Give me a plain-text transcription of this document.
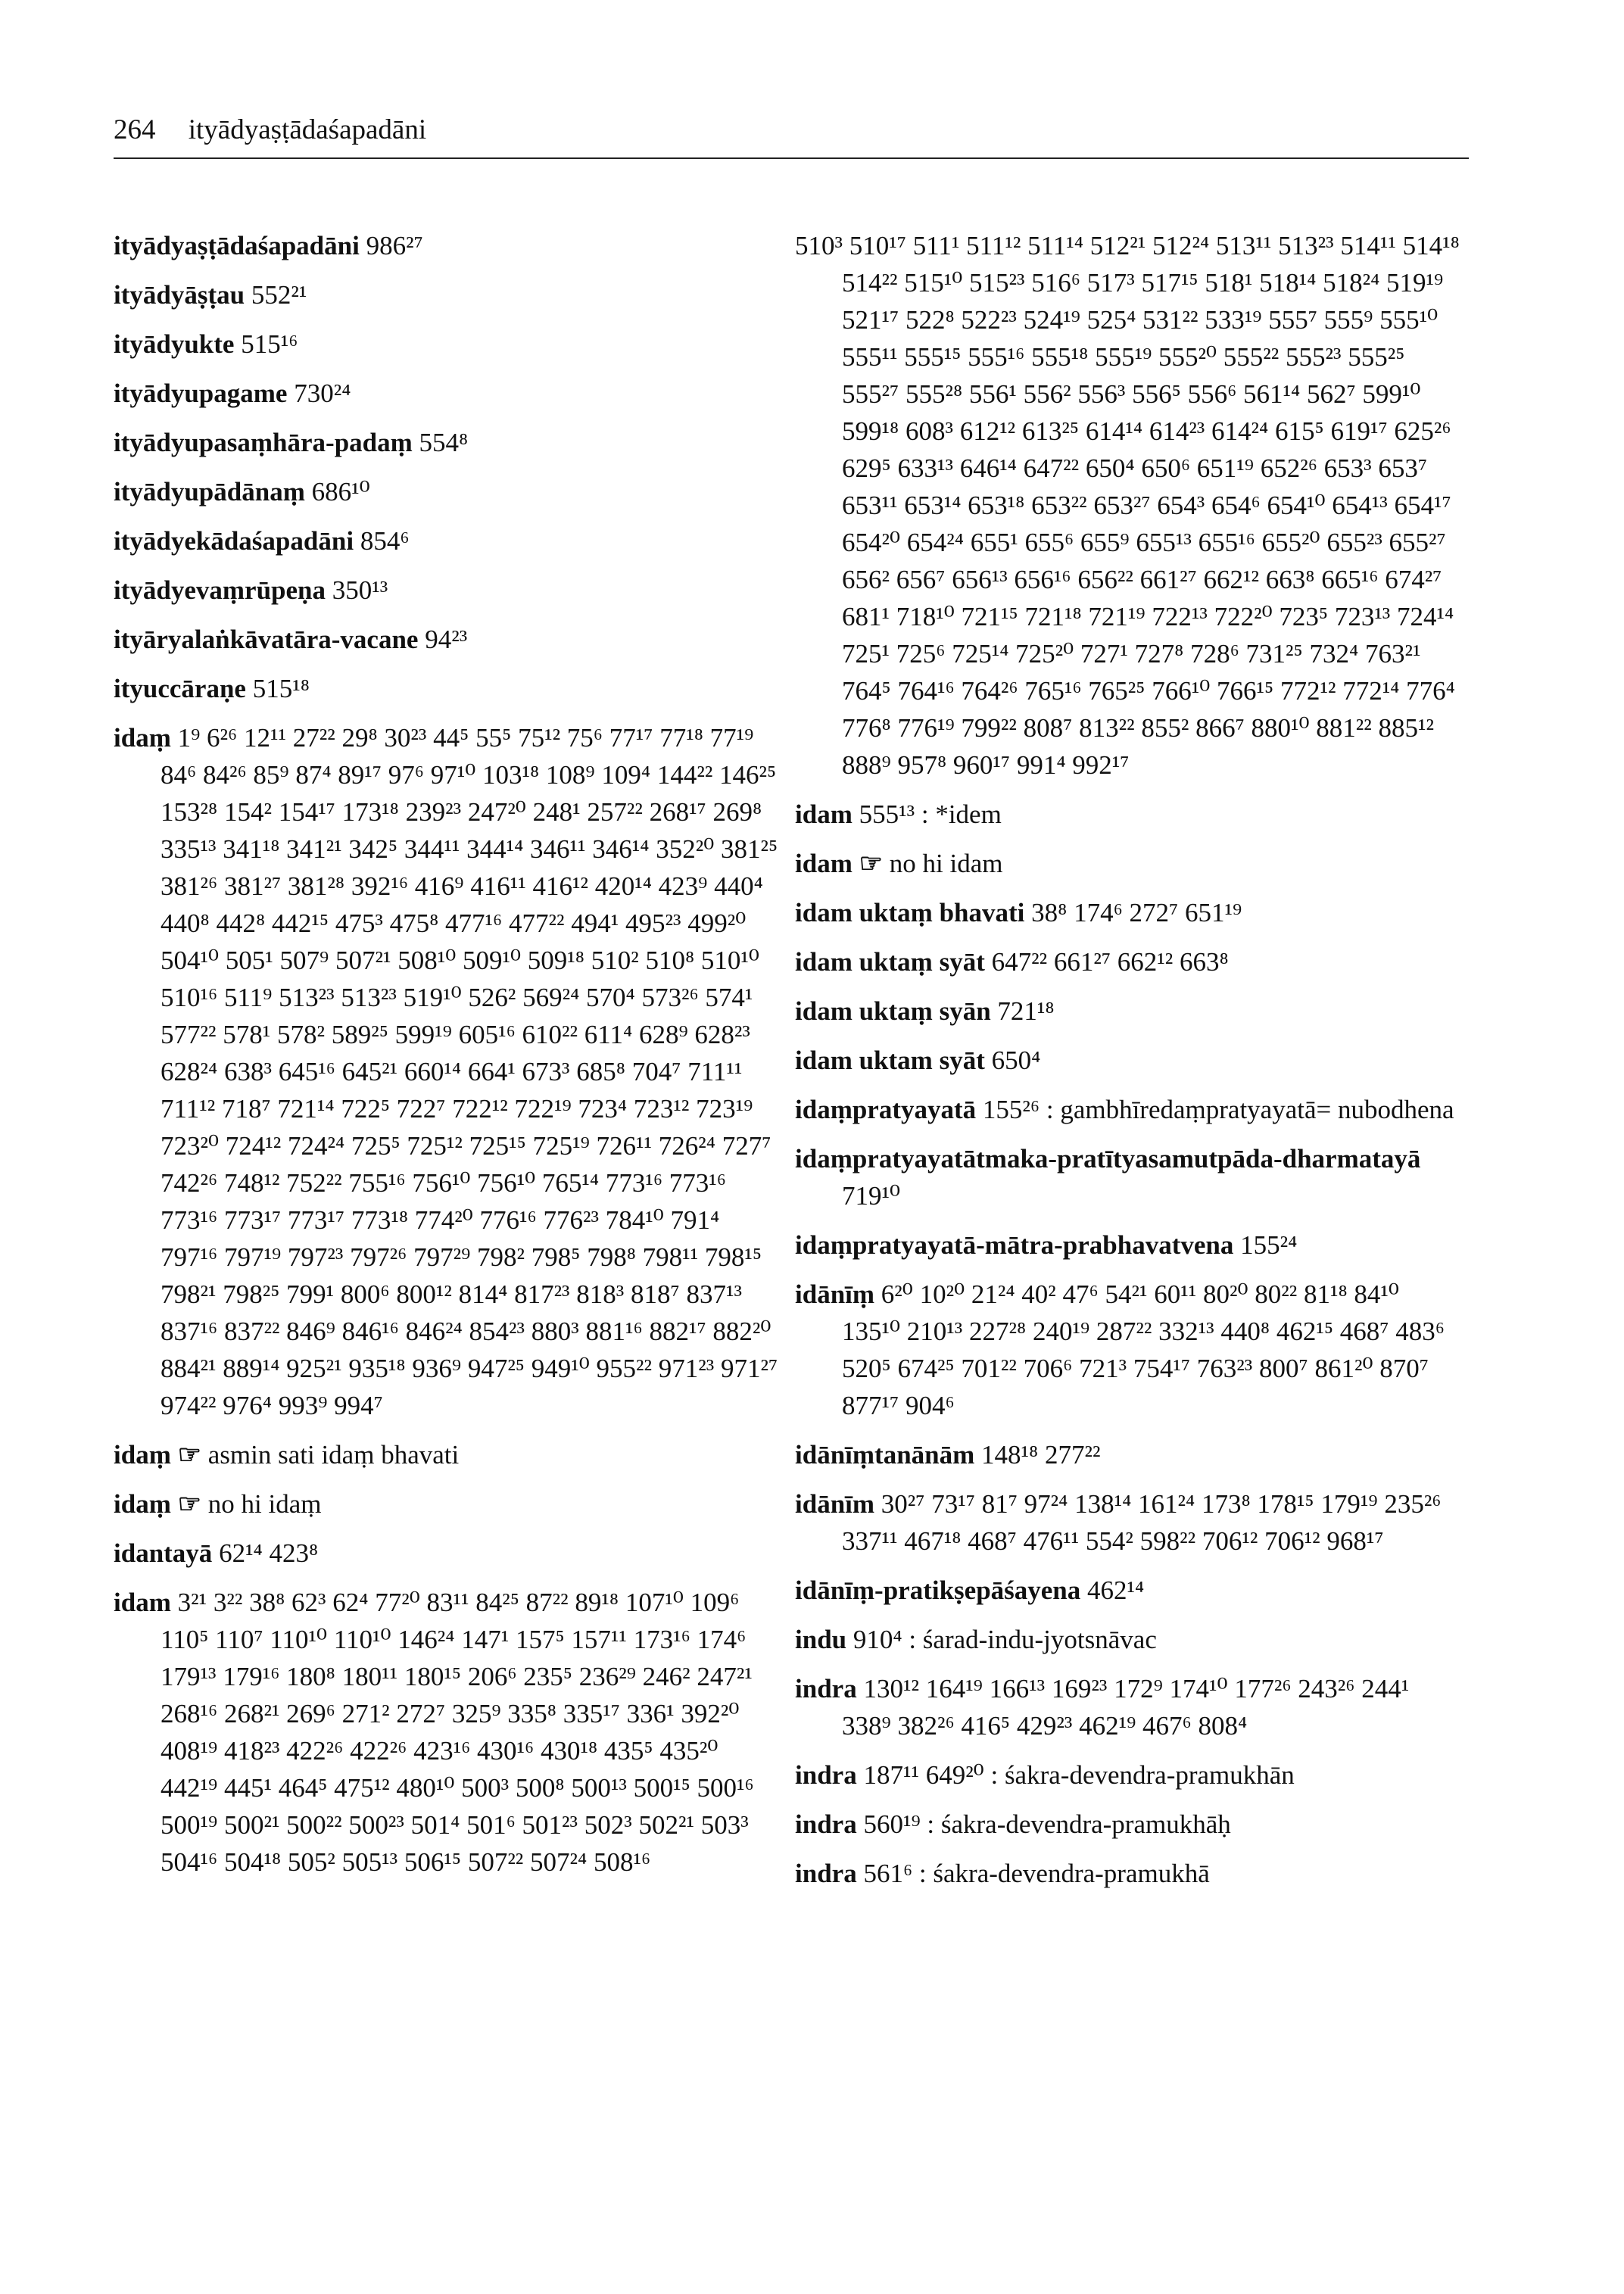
264 ityādyaṣṭādaśapadāni
ityādyaṣṭādaśapadāni 986²⁷
ityādyāṣṭau 552²¹
ityādyukte 515¹⁶
ityādyupagame 730²⁴
ityādyupasaṃhāra-padaṃ 554⁸
ityādyupādānaṃ 686¹⁰
ityādyekādaśapadāni 854⁶
ityādyevaṃrūpeṇa 350¹³
ityāryalaṅkāvatāra-vacane 94²³
ityuccāraṇe 515¹⁸
idaṃ 1⁹ 6²⁶ 12¹¹ 27²² 29⁸ 30²³ 44⁵ 55⁵ 75¹² 75⁶ 77¹⁷ 77¹⁸ 77¹⁹ 84⁶ 84²⁶ 85⁹ 87⁴ 89¹⁷ 97⁶ 97¹⁰ 103¹⁸ 108⁹ 109⁴ 144²² 146²⁵ 153²⁸ 154² 154¹⁷ 173¹⁸ 239²³ 247²⁰ 248¹ 257²² 268¹⁷ 269⁸ 335¹³ 341¹⁸ 341²¹ 342⁵ 344¹¹ 344¹⁴ 346¹¹ 346¹⁴ 352²⁰ 381²⁵ 381²⁶ 381²⁷ 381²⁸ 392¹⁶ 416⁹ 416¹¹ 416¹² 420¹⁴ 423⁹ 440⁴ 440⁸ 442⁸ 442¹⁵ 475³ 475⁸ 477¹⁶ 477²² 494¹ 495²³ 499²⁰ 504¹⁰ 505¹ 507⁹ 507²¹ 508¹⁰ 509¹⁰ 509¹⁸ 510² 510⁸ 510¹⁰ 510¹⁶ 511⁹ 513²³ 513²³ 519¹⁰ 526² 569²⁴ 570⁴ 573²⁶ 574¹ 577²² 578¹ 578² 589²⁵ 599¹⁹ 605¹⁶ 610²² 611⁴ 628⁹ 628²³ 628²⁴ 638³ 645¹⁶ 645²¹ 660¹⁴ 664¹ 673³ 685⁸ 704⁷ 711¹¹ 711¹² 718⁷ 721¹⁴ 722⁵ 722⁷ 722¹² 722¹⁹ 723⁴ 723¹² 723¹⁹ 723²⁰ 724¹² 724²⁴ 725⁵ 725¹² 725¹⁵ 725¹⁹ 726¹¹ 726²⁴ 727⁷ 742²⁶ 748¹² 752²² 755¹⁶ 756¹⁰ 756¹⁰ 765¹⁴ 773¹⁶ 773¹⁶ 773¹⁶ 773¹⁷ 773¹⁷ 773¹⁸ 774²⁰ 776¹⁶ 776²³ 784¹⁰ 791⁴ 797¹⁶ 797¹⁹ 797²³ 797²⁶ 797²⁹ 798² 798⁵ 798⁸ 798¹¹ 798¹⁵ 798²¹ 798²⁵ 799¹ 800⁶ 800¹² 814⁴ 817²³ 818³ 818⁷ 837¹³ 837¹⁶ 837²² 846⁹ 846¹⁶ 846²⁴ 854²³ 880³ 881¹⁶ 882¹⁷ 882²⁰ 884²¹ 889¹⁴ 925²¹ 935¹⁸ 936⁹ 947²⁵ 949¹⁰ 955²² 971²³ 971²⁷ 974²² 976⁴ 993⁹ 994⁷
idaṃ ☞ asmin sati idaṃ bhavati
idaṃ ☞ no hi idaṃ
idantayā 62¹⁴ 423⁸
idam 3²¹ 3²² 38⁸ 62³ 62⁴ 77²⁰ 83¹¹ 84²⁵ 87²² 89¹⁸ 107¹⁰ 109⁶ 110⁵ 110⁷ 110¹⁰ 110¹⁰ 146²⁴ 147¹ 157⁵ 157¹¹ 173¹⁶ 174⁶ 179¹³ 179¹⁶ 180⁸ 180¹¹ 180¹⁵ 206⁶ 235⁵ 236²⁹ 246² 247²¹ 268¹⁶ 268²¹ 269⁶ 271² 272⁷ 325⁹ 335⁸ 335¹⁷ 336¹ 392²⁰ 408¹⁹ 418²³ 422²⁶ 422²⁶ 423¹⁶ 430¹⁶ 430¹⁸ 435⁵ 435²⁰ 442¹⁹ 445¹ 464⁵ 475¹² 480¹⁰ 500³ 500⁸ 500¹³ 500¹⁵ 500¹⁶ 500¹⁹ 500²¹ 500²² 500²³ 501⁴ 501⁶ 501²³ 502³ 502²¹ 503³ 504¹⁶ 504¹⁸ 505² 505¹³ 506¹⁵ 507²² 507²⁴ 508¹⁶
510³ 510¹⁷ 511¹ 511¹² 511¹⁴ 512²¹ 512²⁴ 513¹¹ 513²³ 514¹¹ 514¹⁸ 514²² 515¹⁰ 515²³ 516⁶ 517³ 517¹⁵ 518¹ 518¹⁴ 518²⁴ 519¹⁹ 521¹⁷ 522⁸ 522²³ 524¹⁹ 525⁴ 531²² 533¹⁹ 555⁷ 555⁹ 555¹⁰ 555¹¹ 555¹⁵ 555¹⁶ 555¹⁸ 555¹⁹ 555²⁰ 555²² 555²³ 555²⁵ 555²⁷ 555²⁸ 556¹ 556² 556³ 556⁵ 556⁶ 561¹⁴ 562⁷ 599¹⁰ 599¹⁸ 608³ 612¹² 613²⁵ 614¹⁴ 614²³ 614²⁴ 615⁵ 619¹⁷ 625²⁶ 629⁵ 633¹³ 646¹⁴ 647²² 650⁴ 650⁶ 651¹⁹ 652²⁶ 653³ 653⁷ 653¹¹ 653¹⁴ 653¹⁸ 653²² 653²⁷ 654³ 654⁶ 654¹⁰ 654¹³ 654¹⁷ 654²⁰ 654²⁴ 655¹ 655⁶ 655⁹ 655¹³ 655¹⁶ 655²⁰ 655²³ 655²⁷ 656² 656⁷ 656¹³ 656¹⁶ 656²² 661²⁷ 662¹² 663⁸ 665¹⁶ 674²⁷ 681¹ 718¹⁰ 721¹⁵ 721¹⁸ 721¹⁹ 722¹³ 722²⁰ 723⁵ 723¹³ 724¹⁴ 725¹ 725⁶ 725¹⁴ 725²⁰ 727¹ 727⁸ 728⁶ 731²⁵ 732⁴ 763²¹ 764⁵ 764¹⁶ 764²⁶ 765¹⁶ 765²⁵ 766¹⁰ 766¹⁵ 772¹² 772¹⁴ 776⁴ 776⁸ 776¹⁹ 799²² 808⁷ 813²² 855² 866⁷ 880¹⁰ 881²² 885¹² 888⁹ 957⁸ 960¹⁷ 991⁴ 992¹⁷
idam 555¹³ : *idem
idam ☞ no hi idam
idam uktaṃ bhavati 38⁸ 174⁶ 272⁷ 651¹⁹
idam uktaṃ syāt 647²² 661²⁷ 662¹² 663⁸
idam uktaṃ syān 721¹⁸
idam uktam syāt 650⁴
idaṃpratyayatā 155²⁶ : gambhīredaṃpratyayatā= nubodhena
idaṃpratyayatātmaka-pratītyasamutpāda-dharmatayā 719¹⁰
idaṃpratyayatā-mātra-prabhavatvena 155²⁴
idānīṃ 6²⁰ 10²⁰ 21²⁴ 40² 47⁶ 54²¹ 60¹¹ 80²⁰ 80²² 81¹⁸ 84¹⁰ 135¹⁰ 210¹³ 227²⁸ 240¹⁹ 287²² 332¹³ 440⁸ 462¹⁵ 468⁷ 483⁶ 520⁵ 674²⁵ 701²² 706⁶ 721³ 754¹⁷ 763²³ 800⁷ 861²⁰ 870⁷ 877¹⁷ 904⁶
idānīṃtanānām 148¹⁸ 277²²
idānīm 30²⁷ 73¹⁷ 81⁷ 97²⁴ 138¹⁴ 161²⁴ 173⁸ 178¹⁵ 179¹⁹ 235²⁶ 337¹¹ 467¹⁸ 468⁷ 476¹¹ 554² 598²² 706¹² 706¹² 968¹⁷
idānīṃ-pratikṣepāśayena 462¹⁴
indu 910⁴ : śarad-indu-jyotsnāvac
indra 130¹² 164¹⁹ 166¹³ 169²³ 172⁹ 174¹⁰ 177²⁶ 243²⁶ 244¹ 338⁹ 382²⁶ 416⁵ 429²³ 462¹⁹ 467⁶ 808⁴
indra 187¹¹ 649²⁰ : śakra-devendra-pramukhān
indra 560¹⁹ : śakra-devendra-pramukhāḥ
indra 561⁶ : śakra-devendra-pramukhā
